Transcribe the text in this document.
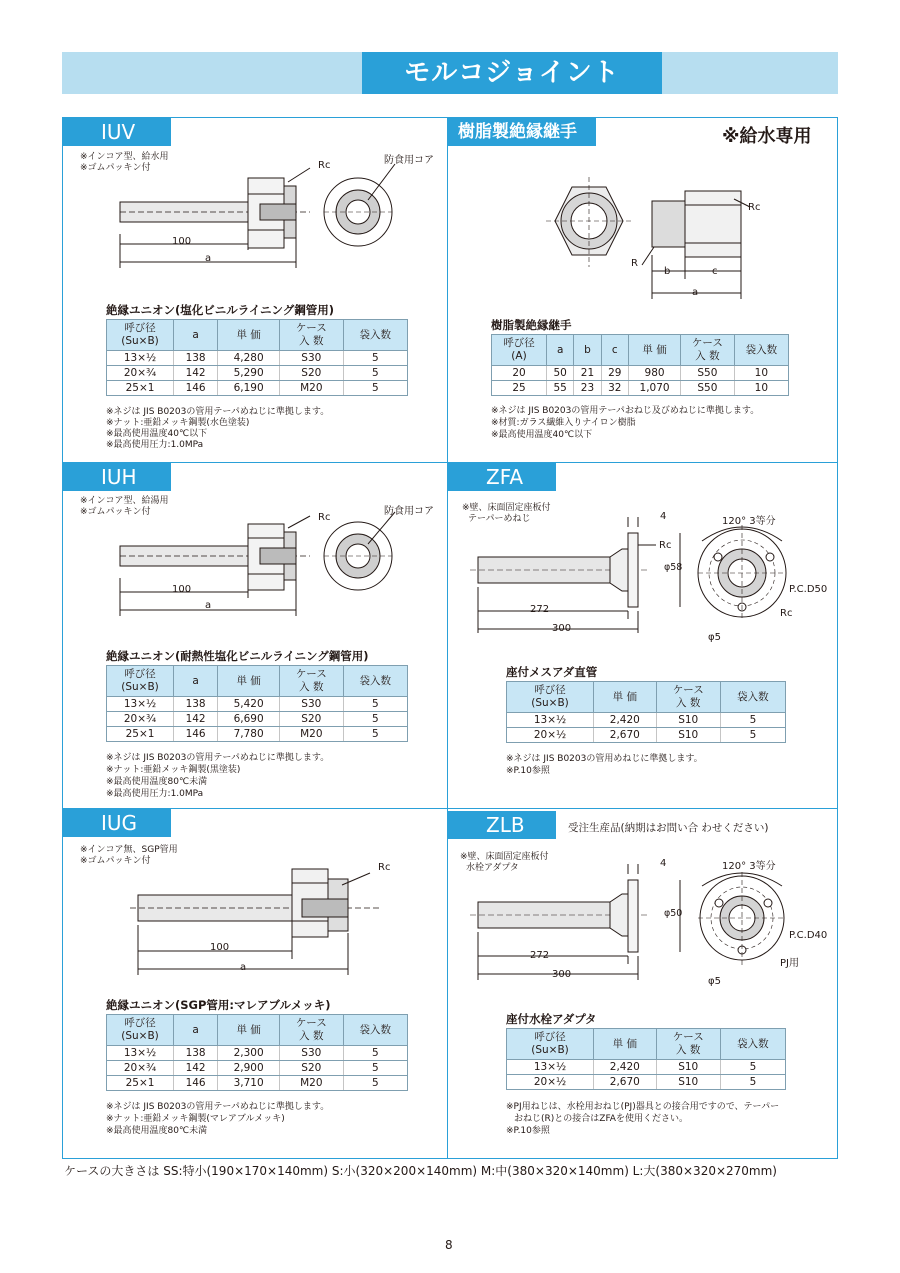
モルコジョイント
IUV
※インコア型、給水用
※ゴムパッキン付	Rc	防食用コア
100
a
絶縁ユニオン(塩化ビニルライニング鋼管用)
呼び径
(Su×B)	a	単 価	ケース
入 数	袋入数
13×½	138	4,280	S30	5
20×¾	142	5,290	S20	5
25×1	146	6,190	M20	5
※ネジは JIS B0203の管用テーパめねじに準拠します。
※ナット:亜鉛メッキ鋼製(水色塗装)
※最高使用温度40℃以下
※最高使用圧力:1.0MPa
樹脂製絶縁継手	※給水専用
Rc
R
b	c
a
樹脂製絶縁継手
呼び径
(A)	a	b	c	単 価	ケース
入 数	袋入数
20	50	21	29	980	S50	10
25	55	23	32	1,070	S50	10
※ネジは JIS B0203の管用テーパおねじ及びめねじに準拠します。
※材質:ガラス繊維入りナイロン樹脂
※最高使用温度40℃以下
IUH
※インコア型、給湯用
※ゴムパッキン付	Rc
防食用コア
100
a
絶縁ユニオン(耐熱性塩化ビニルライニング鋼管用)
呼び径
(Su×B)	a	単 価	ケース
入 数	袋入数
13×½	138	5,420	S30	5
20×¾	142	6,690	S20	5
25×1	146	7,780	M20	5
※ネジは JIS B0203の管用テーパめねじに準拠します。
※ナット:亜鉛メッキ鋼製(黒塗装)
※最高使用温度80℃未満
※最高使用圧力:1.0MPa
ZFA
※壁、床面固定座板付
テーパーめねじ	4
Rc
φ58
272
300
120° 3等分
P.C.D50
Rc
φ5
座付メスアダ直管
呼び径
(Su×B)	単 価	ケース
入 数	袋入数
13×½	2,420	S10	5
20×½	2,670	S10	5
※ネジは JIS B0203の管用めねじに準拠します。
※P.10参照
IUG
※インコア無、SGP管用
※ゴムパッキン付
Rc
100
a
絶縁ユニオン(SGP管用:マレアブルメッキ)
呼び径
(Su×B)	a	単 価	ケース
入 数	袋入数
13×½	138	2,300	S30	5
20×¾	142	2,900	S20	5
25×1	146	3,710	M20	5
※ネジは JIS B0203の管用テーパめねじに準拠します。
※ナット:亜鉛メッキ鋼製(マレアブルメッキ)
※最高使用温度80℃未満
ZLB	受注生産品(納期はお問い合 わせください)
※壁、床面固定座板付
水栓アダプタ	4
φ50
272
300
120° 3等分
P.C.D40
PJ用
φ5
座付水栓アダプタ
呼び径
(Su×B)	単 価	ケース
入 数	袋入数
13×½	2,420	S10	5
20×½	2,670	S10	5
※PJ用ねじは、水栓用おねじ(PJ)器具との接合用ですので、テーパー
おねじ(R)との接合はZFAを使用ください。
※P.10参照
ケースの大きさは SS:特小(190×170×140mm) S:小(320×200×140mm) M:中(380×320×140mm) L:大(380×320×270mm)
8
